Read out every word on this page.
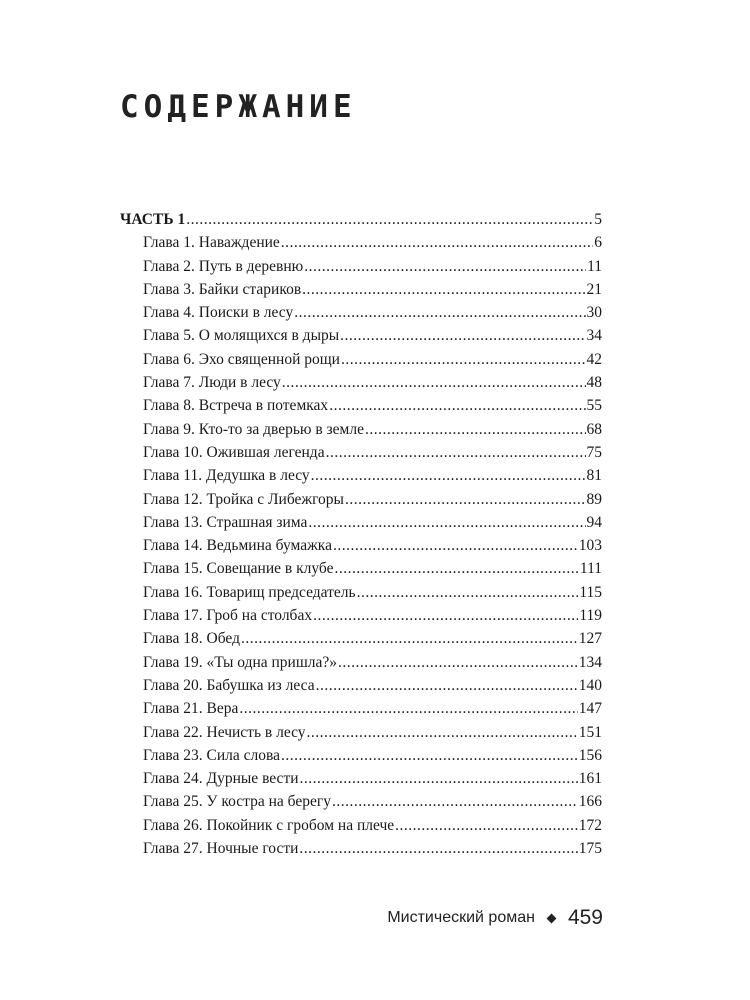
СОДЕРЖАНИЕ
ЧАСТЬ 1 .....	5
Глава 1. Наваждение .....	6
Глава 2. Путь в деревню .....	11
Глава 3. Байки стариков .....	21
Глава 4. Поиски в лесу .....	30
Глава 5. О молящихся в дыры .....	34
Глава 6. Эхо священной рощи .....	42
Глава 7. Люди в лесу .....	48
Глава 8. Встреча в потемках .....	55
Глава 9. Кто-то за дверью в земле .....	68
Глава 10. Ожившая легенда .....	75
Глава 11. Дедушка в лесу .....	81
Глава 12. Тройка с Либежгоры .....	89
Глава 13. Страшная зима .....	94
Глава 14. Ведьмина бумажка .....	103
Глава 15. Совещание в клубе .....	111
Глава 16. Товарищ председатель .....	115
Глава 17. Гроб на столбах .....	119
Глава 18. Обед .....	127
Глава 19. «Ты одна пришла?» .....	134
Глава 20. Бабушка из леса .....	140
Глава 21. Вера .....	147
Глава 22. Нечисть в лесу .....	151
Глава 23. Сила слова .....	156
Глава 24. Дурные вести .....	161
Глава 25. У костра на берегу .....	166
Глава 26. Покойник с гробом на плече .....	172
Глава 27. Ночные гости .....	175
Мистический роман 459
